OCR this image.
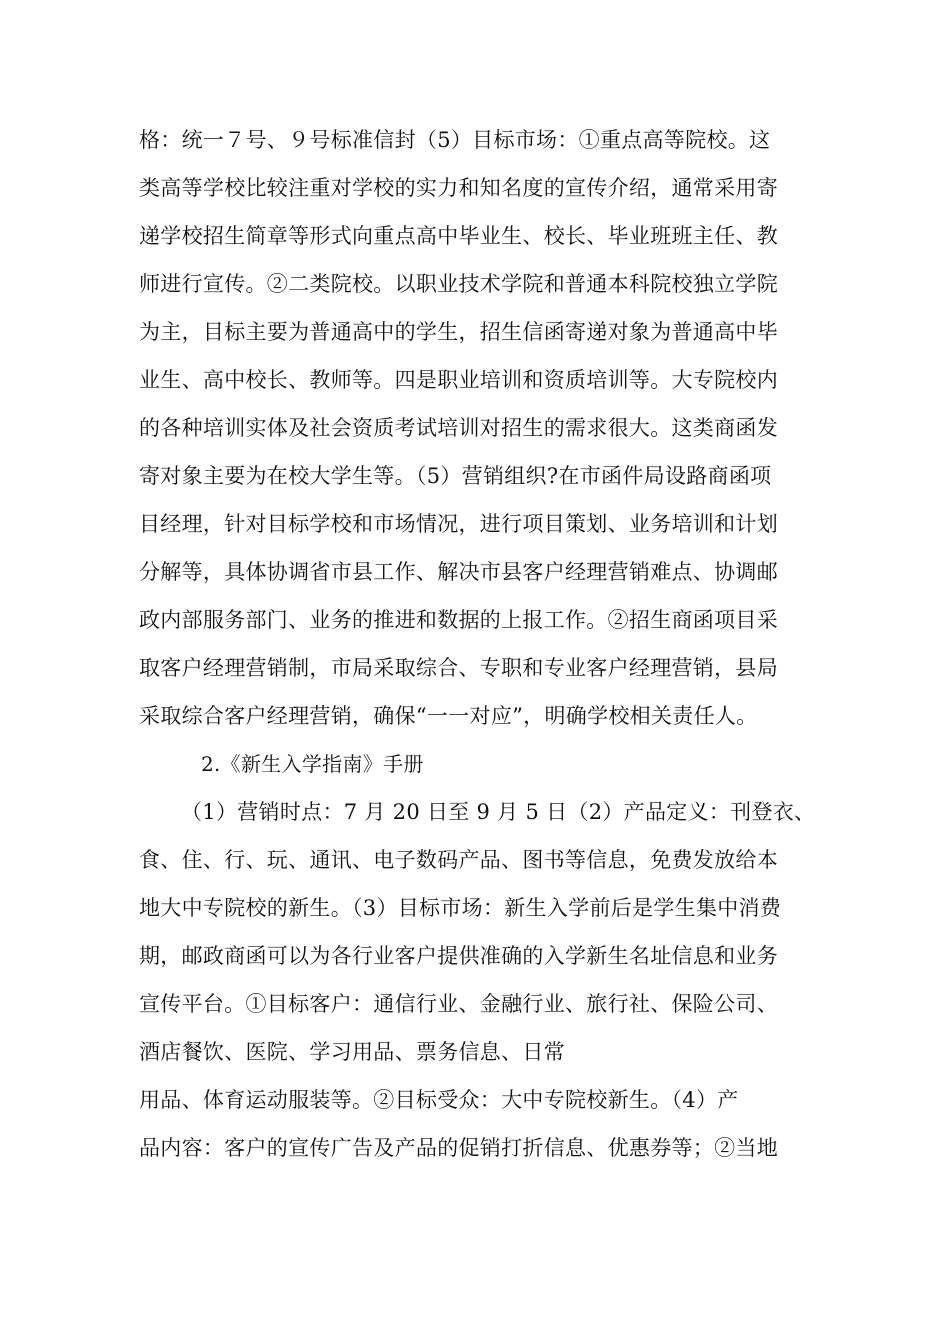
格：统一７号、９号标准信封（5）目标市场：①重点高等院校。这
类高等学校比较注重对学校的实力和知名度的宣传介绍，通常采用寄
递学校招生简章等形式向重点高中毕业生、校长、毕业班班主任、教
师进行宣传。②二类院校。以职业技术学院和普通本科院校独立学院
为主，目标主要为普通高中的学生，招生信函寄递对象为普通高中毕
业生、高中校长、教师等。四是职业培训和资质培训等。大专院校内
的各种培训实体及社会资质考试培训对招生的需求很大。这类商函发
寄对象主要为在校大学生等。（5）营销组织?在市函件局设路商函项
目经理，针对目标学校和市场情况，进行项目策划、业务培训和计划
分解等，具体协调省市县工作、解决市县客户经理营销难点、协调邮
政内部服务部门、业务的推进和数据的上报工作。②招生商函项目采
取客户经理营销制，市局采取综合、专职和专业客户经理营销，县局
采取综合客户经理营销，确保“一一对应”，明确学校相关责任人。
2.《新生入学指南》手册
（1）营销时点：7 月 20 日至 9 月 5 日（2）产品定义：刊登衣、
食、住、行、玩、通讯、电子数码产品、图书等信息，免费发放给本
地大中专院校的新生。（3）目标市场：新生入学前后是学生集中消费
期，邮政商函可以为各行业客户提供准确的入学新生名址信息和业务
宣传平台。①目标客户：通信行业、金融行业、旅行社、保险公司、
酒店餐饮、医院、学习用品、票务信息、日常
用品、体育运动服装等。②目标受众：大中专院校新生。（4）产
品内容：客户的宣传广告及产品的促销打折信息、优惠券等；②当地
